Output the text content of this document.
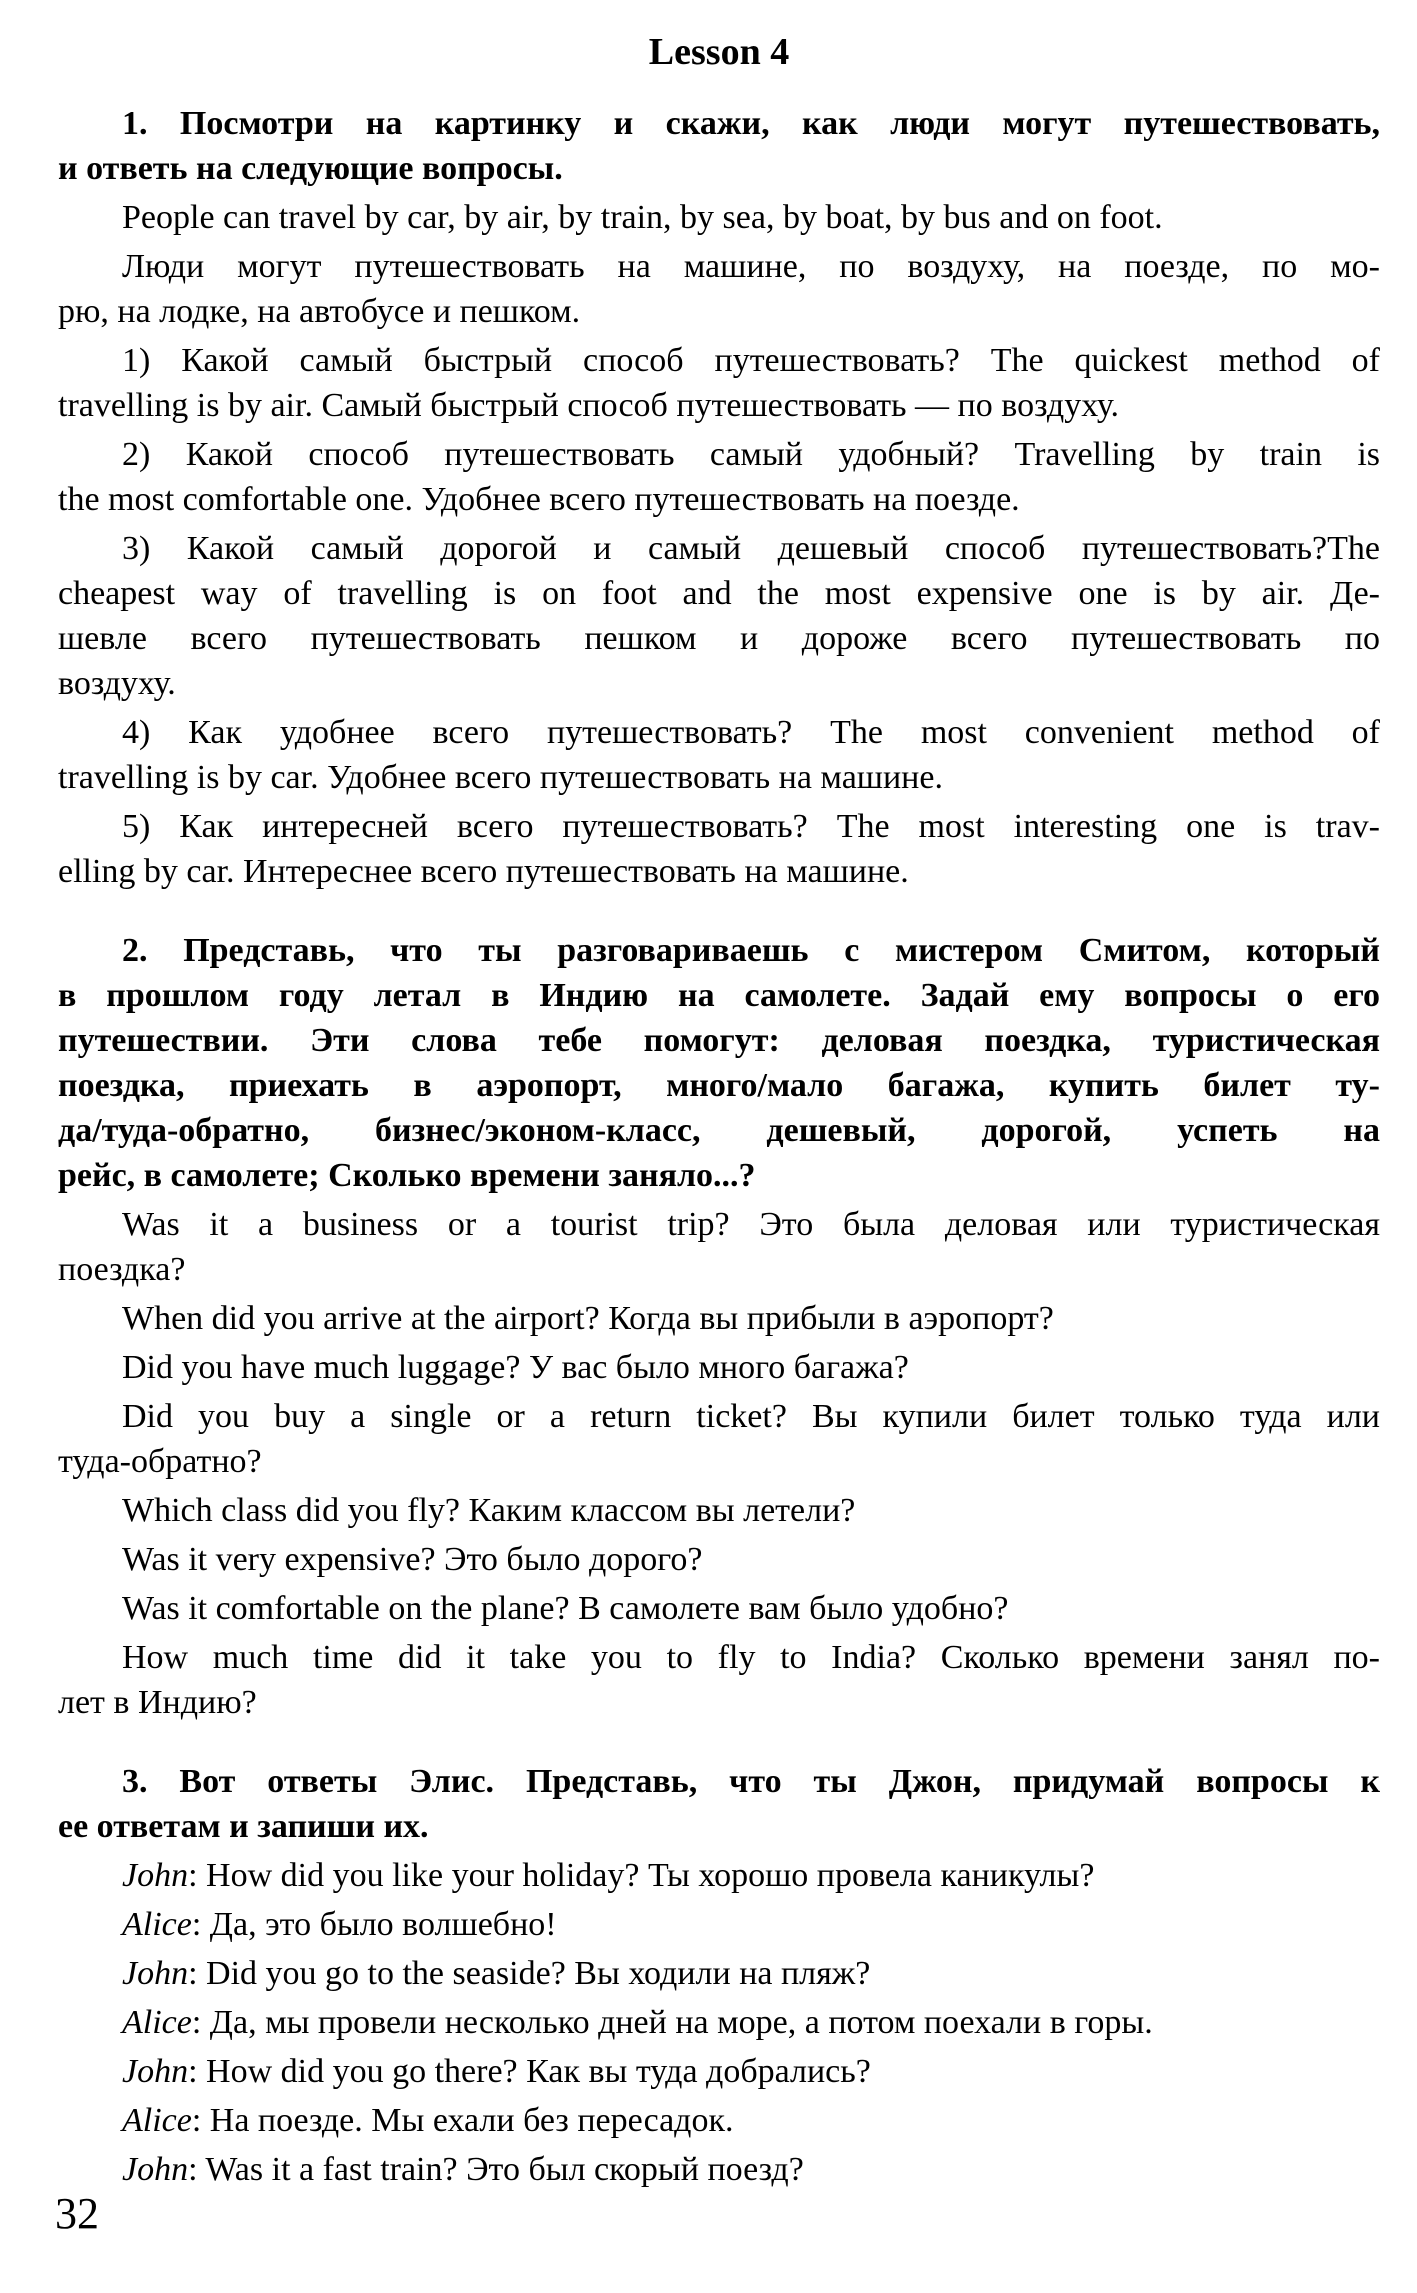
Lesson 4
1. Посмотри на картинку и скажи, как люди могут путешествовать,
и ответь на следующие вопросы.
People can travel by car, by air, by train, by sea, by boat, by bus and on foot.
Люди могут путешествовать на машине, по воздуху, на поезде, по мо-
рю, на лодке, на автобусе и пешком.
1) Какой самый быстрый способ путешествовать? The quickest method of
travelling is by air. Самый быстрый способ путешествовать — по воздуху.
2) Какой способ путешествовать самый удобный? Travelling by train is
the most comfortable one. Удобнее всего путешествовать на поезде.
3) Какой самый дорогой и самый дешевый способ путешествовать?The
cheapest way of travelling is on foot and the most expensive one is by air. Де-
шевле всего путешествовать пешком и дороже всего путешествовать по
воздуху.
4) Как удобнее всего путешествовать? The most convenient method of
travelling is by car. Удобнее всего путешествовать на машине.
5) Как интересней всего путешествовать? The most interesting one is trav-
elling by car. Интереснее всего путешествовать на машине.
2. Представь, что ты разговариваешь с мистером Смитом, который
в прошлом году летал в Индию на самолете. Задай ему вопросы о его
путешествии. Эти слова тебе помогут: деловая поездка, туристическая
поездка, приехать в аэропорт, много/мало багажа, купить билет ту-
да/туда-обратно, бизнес/эконом-класс, дешевый, дорогой, успеть на
рейс, в самолете; Сколько времени заняло...?
Was it a business or a tourist trip? Это была деловая или туристическая
поездка?
When did you arrive at the airport? Когда вы прибыли в аэропорт?
Did you have much luggage? У вас было много багажа?
Did you buy a single or a return ticket? Вы купили билет только туда или
туда-обратно?
Which class did you fly? Каким классом вы летели?
Was it very expensive? Это было дорого?
Was it comfortable on the plane? В самолете вам было удобно?
How much time did it take you to fly to India? Сколько времени занял по-
лет в Индию?
3. Вот ответы Элис. Представь, что ты Джон, придумай вопросы к
ее ответам и запиши их.
John: How did you like your holiday? Ты хорошо провела каникулы?
Alice: Да, это было волшебно!
John: Did you go to the seaside? Вы ходили на пляж?
Alice: Да, мы провели несколько дней на море, а потом поехали в горы.
John: How did you go there? Как вы туда добрались?
Alice: На поезде. Мы ехали без пересадок.
John: Was it a fast train? Это был скорый поезд?
32
